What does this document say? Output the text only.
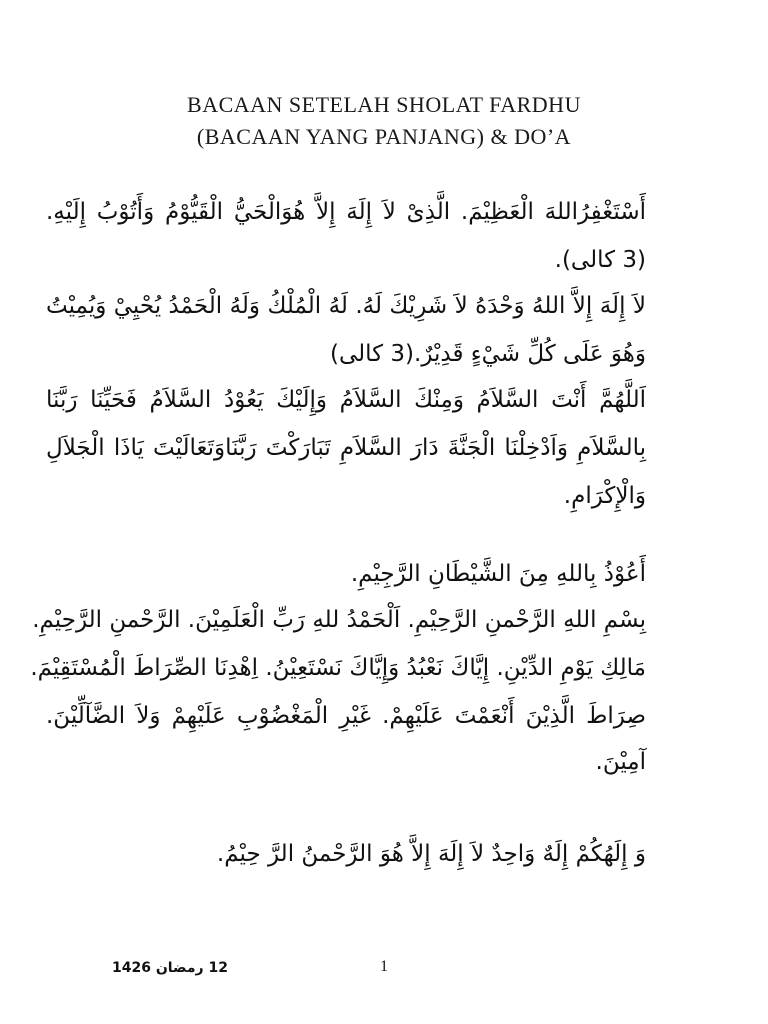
BACAAN SETELAH SHOLAT FARDHU
(BACAAN YANG PANJANG) & DO’A
أَسْتَغْفِرُاللهَ الْعَظِيْمَ. الَّذِىْ لاَ إِلَهَ إِلاَّ هُوَالْحَيُّ الْقَيُّوْمُ وَأَتُوْبُ إِلَيْهِ.
(3 كالى).
لاَ إِلَهَ إِلاَّ اللهُ وَحْدَهُ لاَ شَرِيْكَ لَهُ. لَهُ الْمُلْكُ وَلَهُ الْحَمْدُ يُحْيِيْ وَيُمِيْتُ
وَهُوَ عَلَى كُلِّ شَيْءٍ قَدِيْرٌ.(3 كالى)
اَللَّهُمَّ أَنْتَ السَّلاَمُ وَمِنْكَ السَّلاَمُ وَإِلَيْكَ يَعُوْدُ السَّلاَمُ فَحَيِّنَا رَبَّنَا
بِالسَّلاَمِ وَاَدْخِلْنَا الْجَنَّةَ دَارَ السَّلاَمِ تَبَارَكْتَ رَبَّنَاوَتَعَالَيْتَ يَاذَا الْجَلاَلِ
وَالْإِكْرَامِ.
أَعُوْذُ بِاللهِ مِنَ الشَّيْطَانِ الرَّجِيْمِ.
بِسْمِ اللهِ الرَّحْمنِ الرَّحِيْمِ. اَلْحَمْدُ للهِ رَبِّ الْعَلَمِيْنَ. الرَّحْمنِ الرَّحِيْمِ.
مَالِكِ يَوْمِ الدِّيْنِ. إِيَّاكَ نَعْبُدُ وَإِيَّاكَ نَسْتَعِيْنُ. اِهْدِنَا الصِّرَاطَ الْمُسْتَقِيْمَ.
صِرَاطَ الَّذِيْنَ أَنْعَمْتَ عَلَيْهِمْ. غَيْرِ الْمَغْضُوْبِ عَلَيْهِمْ وَلاَ الضَّآلِّيْنَ.
آمِيْنَ.
وَ إِلَهُكُمْ إِلَهٌ وَاحِدٌ لاَ إِلَهَ إِلاَّ هُوَ الرَّحْمنُ الرَّ حِيْمُ.
12 رمضان 1426	1
